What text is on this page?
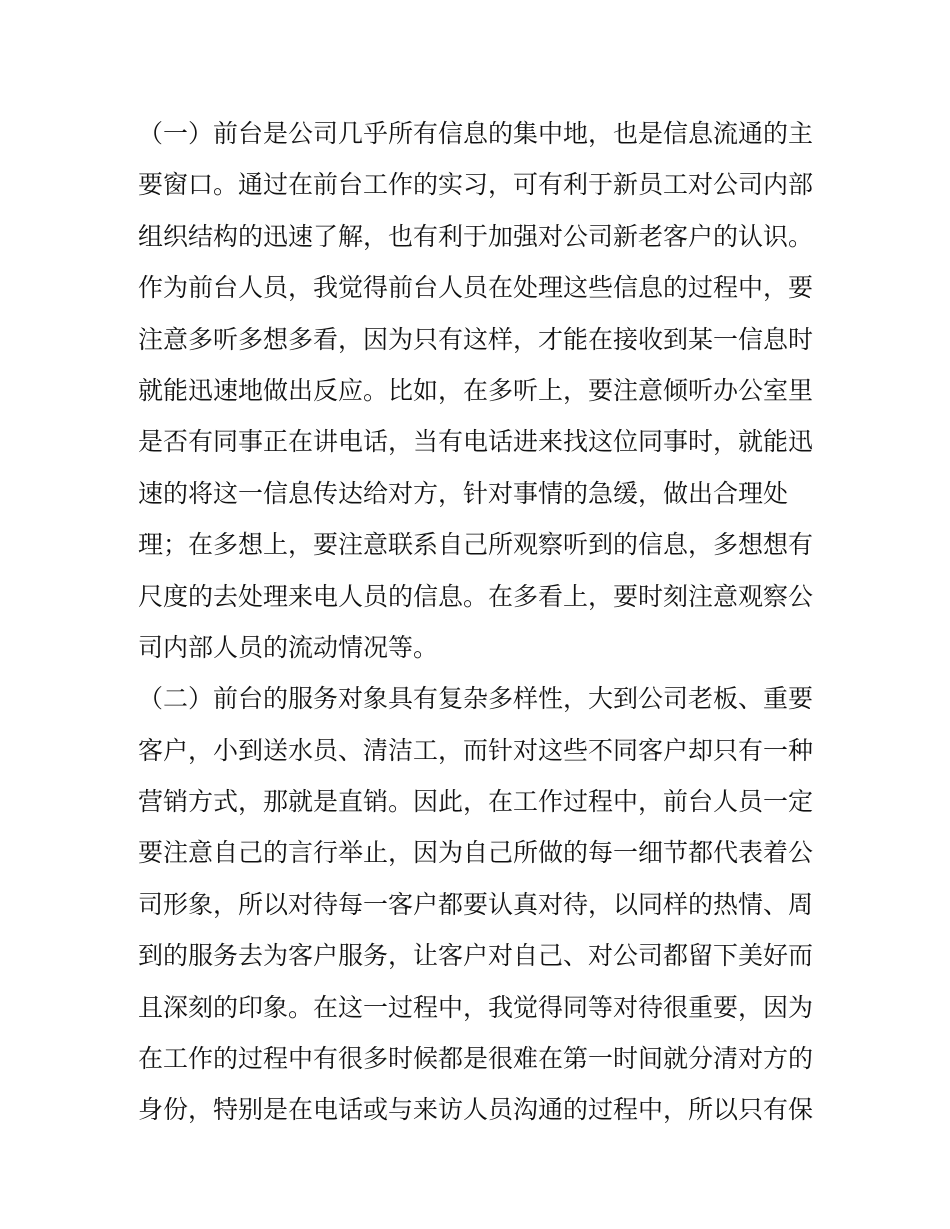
（一）前台是公司几乎所有信息的集中地，也是信息流通的主
要窗口。通过在前台工作的实习，可有利于新员工对公司内部
组织结构的迅速了解，也有利于加强对公司新老客户的认识。
作为前台人员，我觉得前台人员在处理这些信息的过程中，要
注意多听多想多看，因为只有这样，才能在接收到某一信息时
就能迅速地做出反应。比如，在多听上，要注意倾听办公室里
是否有同事正在讲电话，当有电话进来找这位同事时，就能迅
速的将这一信息传达给对方，针对事情的急缓，做出合理处
理；在多想上，要注意联系自己所观察听到的信息，多想想有
尺度的去处理来电人员的信息。在多看上，要时刻注意观察公
司内部人员的流动情况等。
（二）前台的服务对象具有复杂多样性，大到公司老板、重要
客户，小到送水员、清洁工，而针对这些不同客户却只有一种
营销方式，那就是直销。因此，在工作过程中，前台人员一定
要注意自己的言行举止，因为自己所做的每一细节都代表着公
司形象，所以对待每一客户都要认真对待，以同样的热情、周
到的服务去为客户服务，让客户对自己、对公司都留下美好而
且深刻的印象。在这一过程中，我觉得同等对待很重要，因为
在工作的过程中有很多时候都是很难在第一时间就分清对方的
身份，特别是在电话或与来访人员沟通的过程中，所以只有保
